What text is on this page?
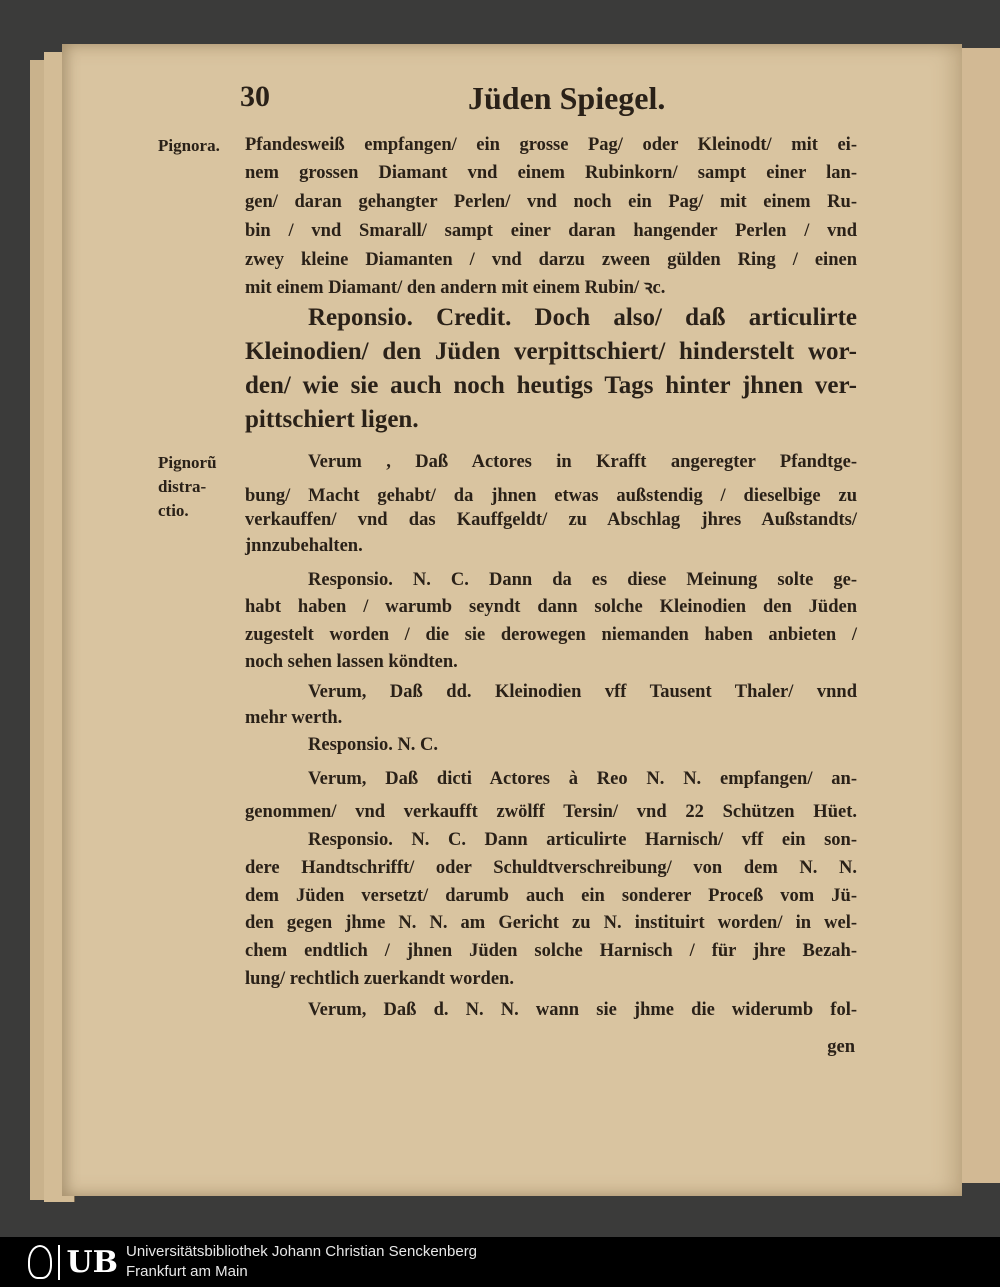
30	Jüden Spiegel.
Pignora.
Pignorũ
distra-
ctio.
Pfandesweiß empfangen/ ein grosse Pag/ oder Kleinodt/ mit ei-
nem grossen Diamant vnd einem Rubinkorn/ sampt einer lan-
gen/ daran gehangter Perlen/ vnd noch ein Pag/ mit einem Ru-
bin / vnd Smarall/ sampt einer daran hangender Perlen / vnd
zwey kleine Diamanten / vnd darzu zween gülden Ring / einen
mit einem Diamant/ den andern mit einem Rubin/ ꝛc.
Reponsio. Credit. Doch also/ daß articulirte
Kleinodien/ den Jüden verpittschiert/ hinderstelt wor-
den/ wie sie auch noch heutigs Tags hinter jhnen ver-
pittschiert ligen.
Verum , Daß Actores in Krafft angeregter Pfandtge-
bung/ Macht gehabt/ da jhnen etwas außstendig / dieselbige zu
verkauffen/ vnd das Kauffgeldt/ zu Abschlag jhres Außstandts/
jnnzubehalten.
Responsio. N. C. Dann da es diese Meinung solte ge-
habt haben / warumb seyndt dann solche Kleinodien den Jüden
zugestelt worden / die sie derowegen niemanden haben anbieten /
noch sehen lassen köndten.
Verum, Daß dd. Kleinodien vff Tausent Thaler/ vnnd
mehr werth.
Responsio. N. C.
Verum, Daß dicti Actores à Reo N. N. empfangen/ an-
genommen/ vnd verkaufft zwölff Tersin/ vnd 22 Schützen Hüet.
Responsio. N. C. Dann articulirte Harnisch/ vff ein son-
dere Handtschrifft/ oder Schuldtverschreibung/ von dem N. N.
dem Jüden versetzt/ darumb auch ein sonderer Proceß vom Jü-
den gegen jhme N. N. am Gericht zu N. instituirt worden/ in wel-
chem endtlich / jhnen Jüden solche Harnisch / für jhre Bezah-
lung/ rechtlich zuerkandt worden.
Verum, Daß d. N. N. wann sie jhme die widerumb fol-
gen
UB Universitätsbibliothek Johann Christian Senckenberg
Frankfurt am Main
